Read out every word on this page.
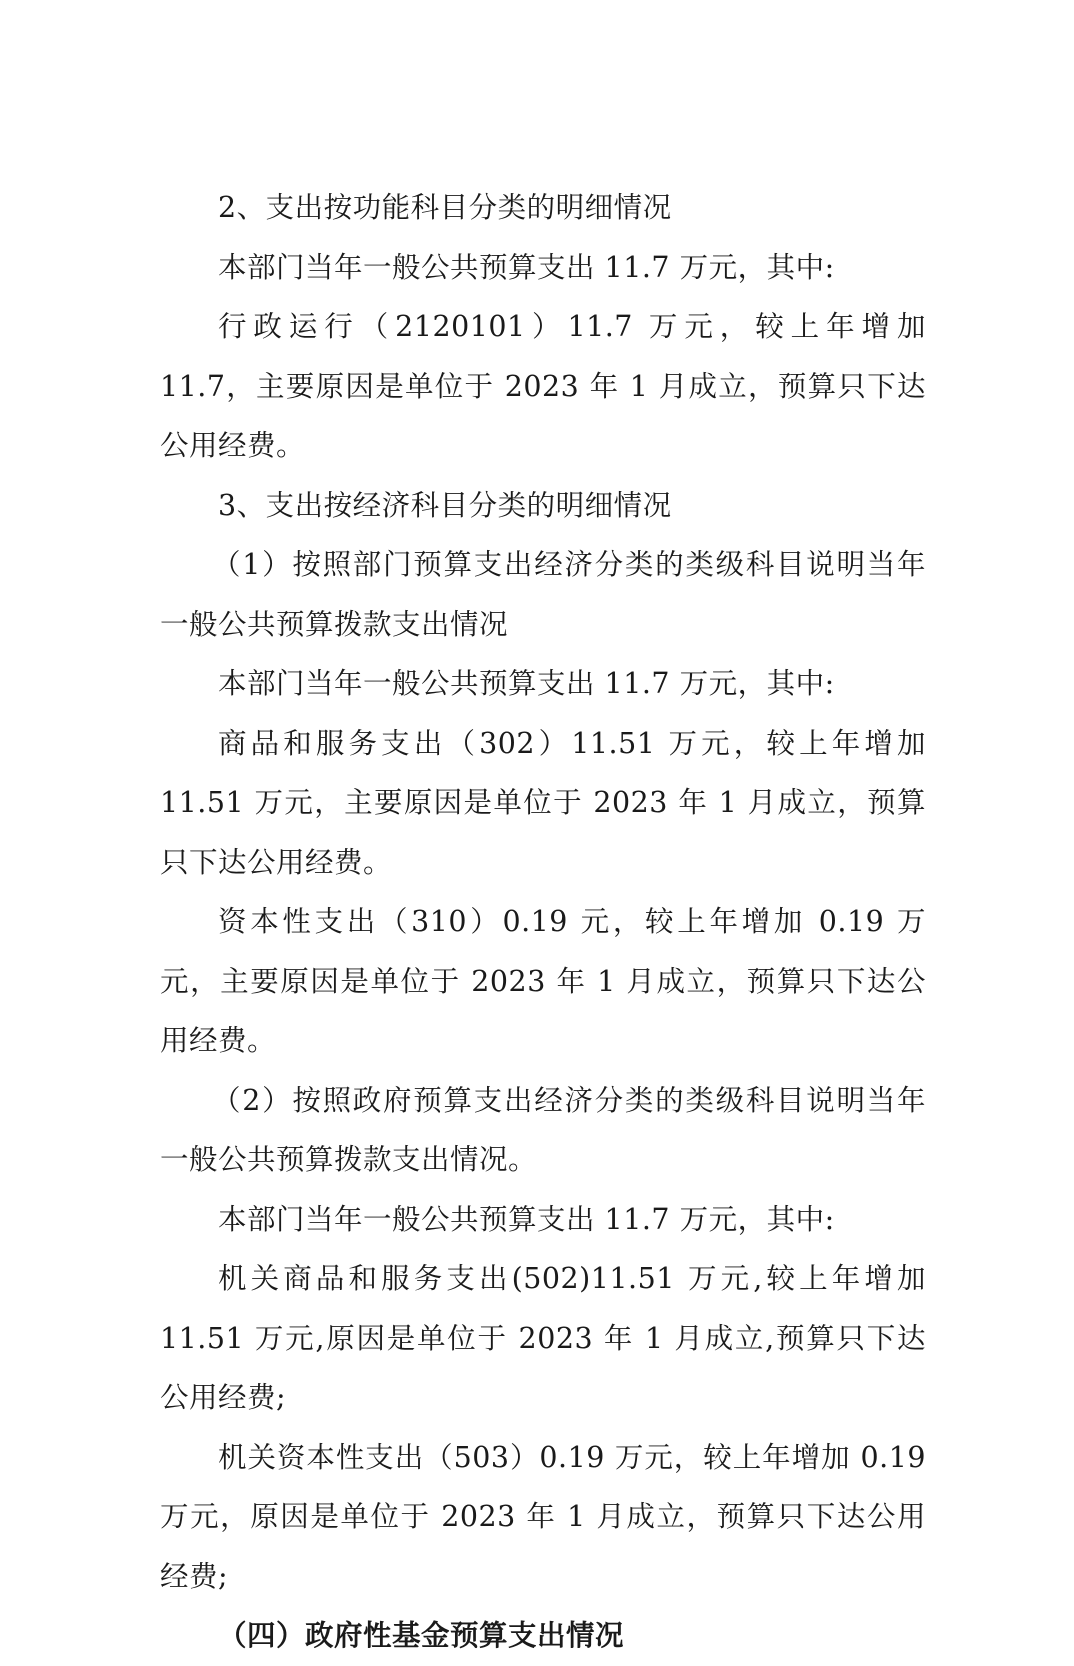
2、支出按功能科目分类的明细情况

本部门当年一般公共预算支出 11.7 万元，其中:

行政运行（2120101）11.7 万元，较上年增加 11.7，主要原因是单位于 2023 年 1 月成立，预算只下达公用经费。

3、支出按经济科目分类的明细情况

（1）按照部门预算支出经济分类的类级科目说明当年一般公共预算拨款支出情况

本部门当年一般公共预算支出 11.7 万元，其中:

商品和服务支出（302）11.51 万元，较上年增加 11.51 万元，主要原因是单位于 2023 年 1 月成立，预算只下达公用经费。

资本性支出（310）0.19 元，较上年增加 0.19 万元，主要原因是单位于 2023 年 1 月成立，预算只下达公用经费。

（2）按照政府预算支出经济分类的类级科目说明当年一般公共预算拨款支出情况。

本部门当年一般公共预算支出 11.7 万元，其中:

机关商品和服务支出(502)11.51 万元,较上年增加 11.51 万元,原因是单位于 2023 年 1 月成立,预算只下达公用经费;

机关资本性支出（503）0.19 万元，较上年增加 0.19 万元，原因是单位于 2023 年 1 月成立，预算只下达公用经费;

（四）政府性基金预算支出情况
